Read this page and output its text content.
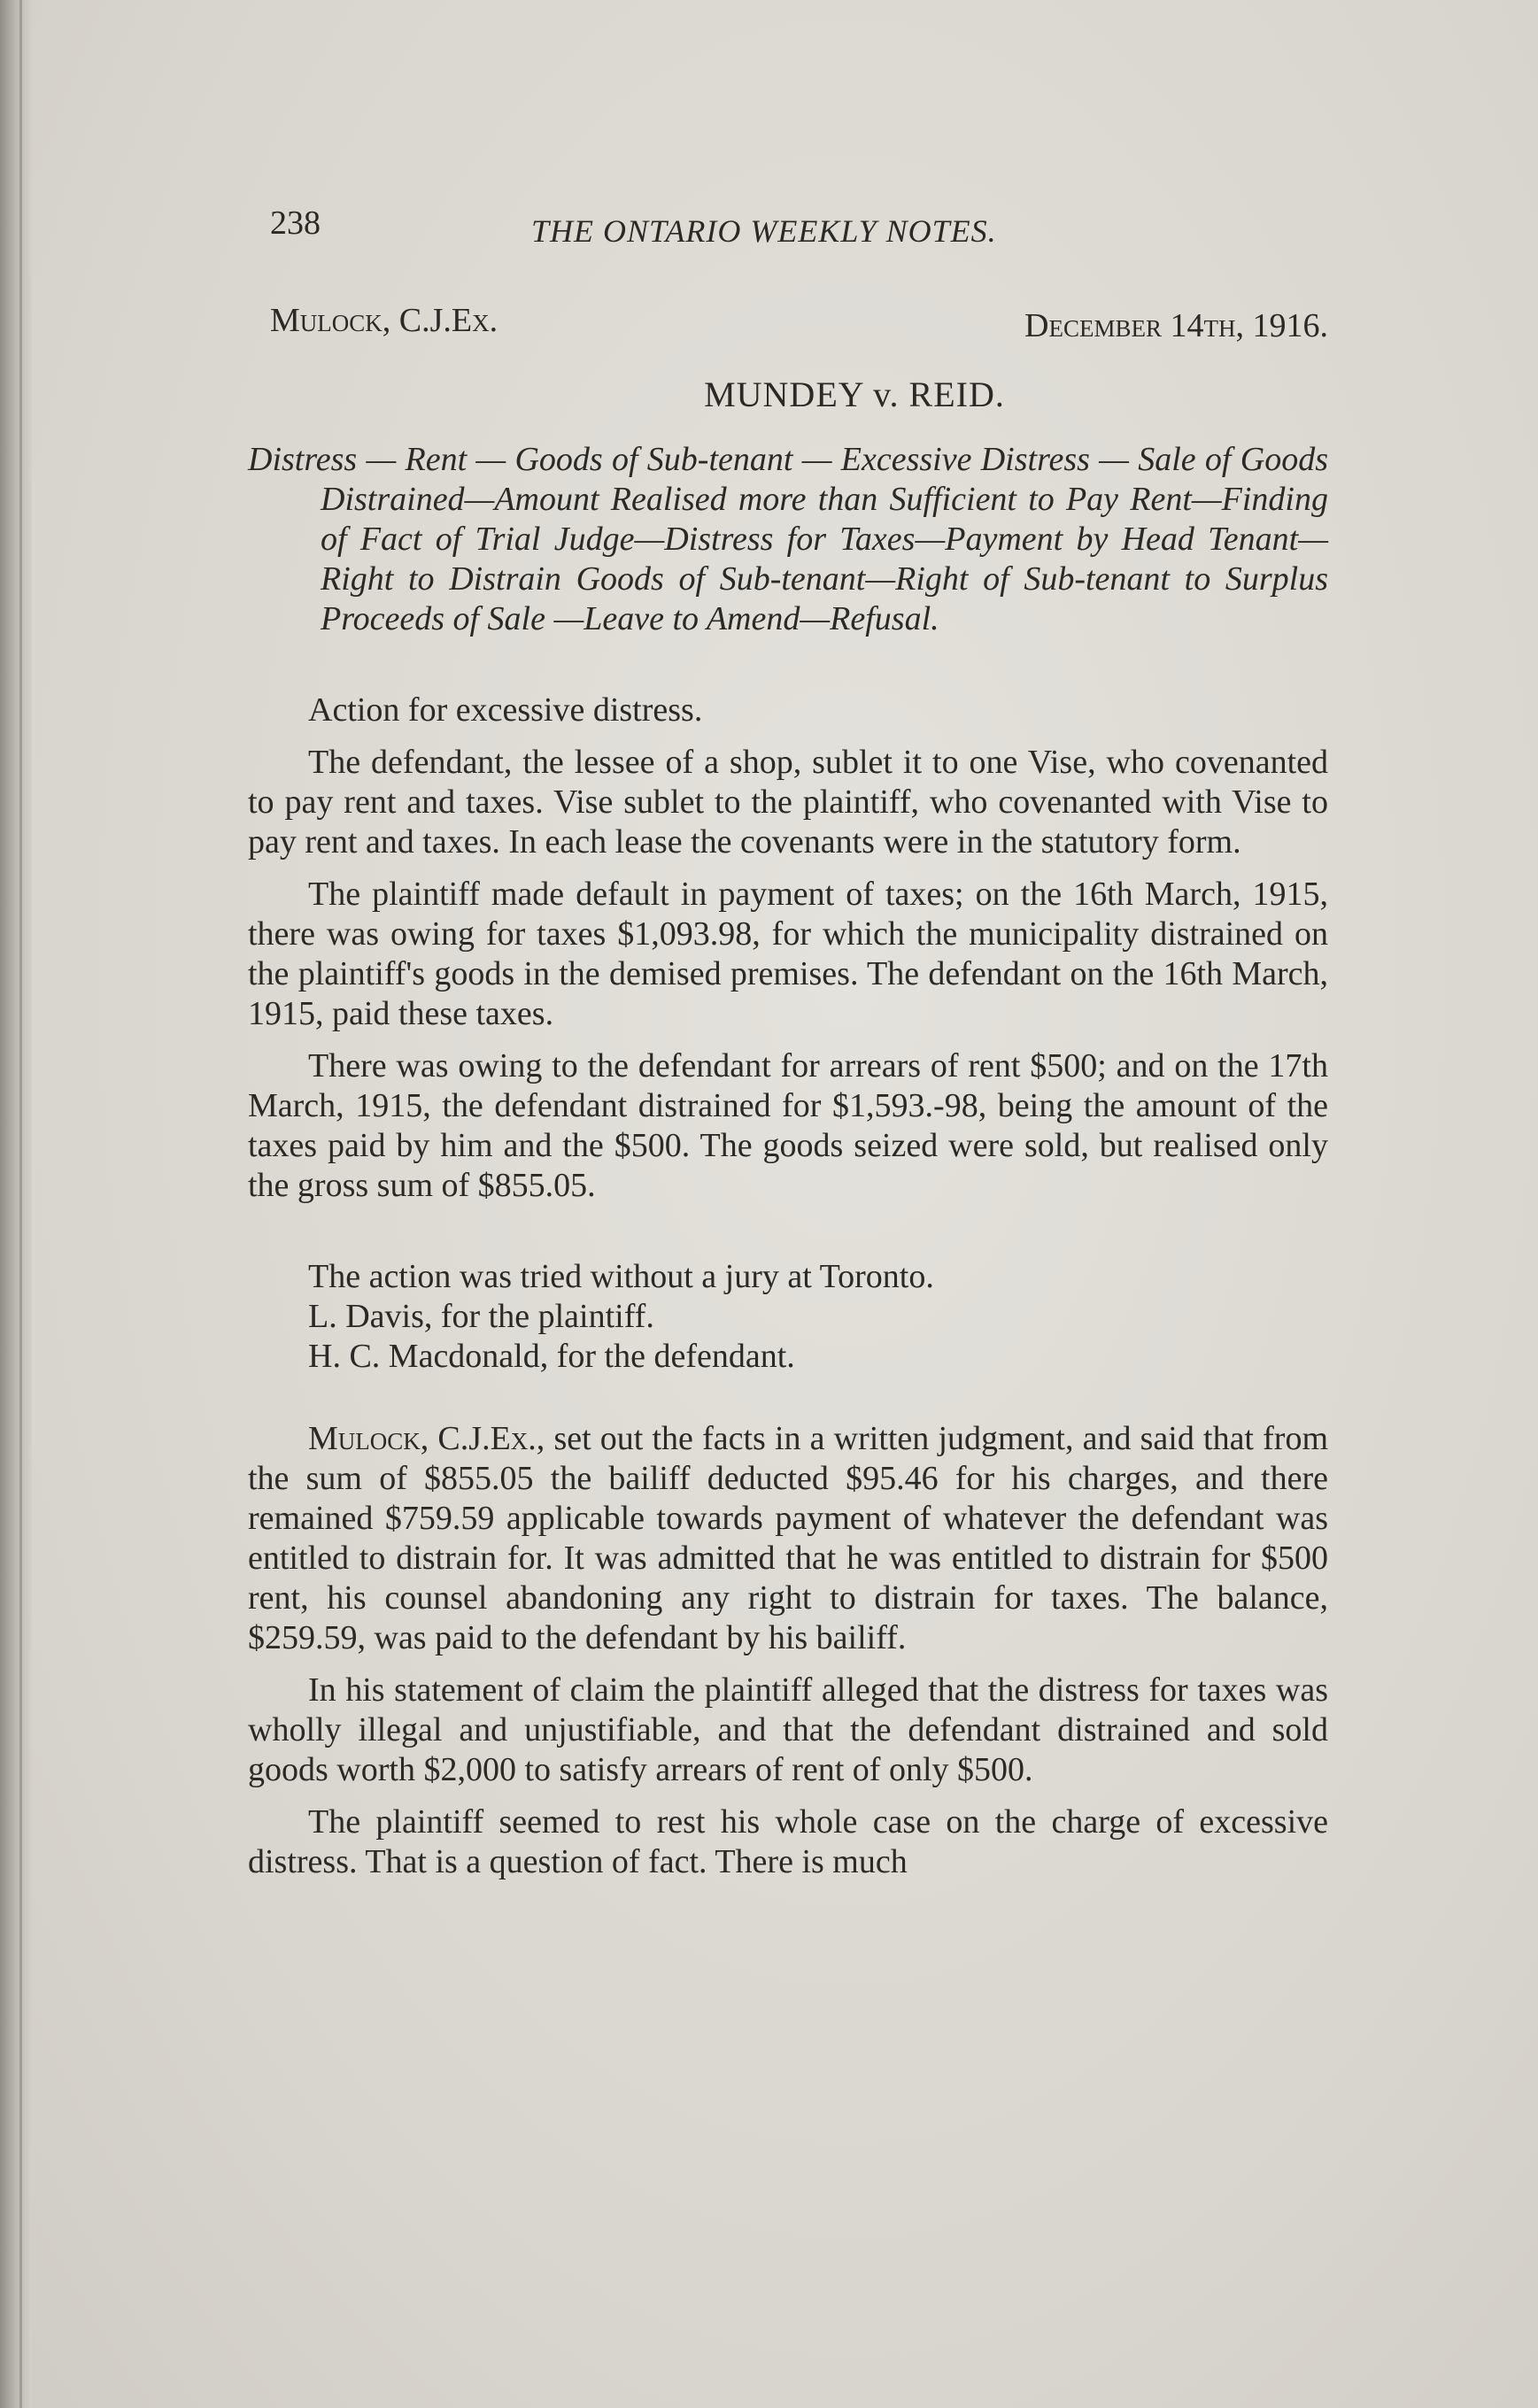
238	THE ONTARIO WEEKLY NOTES.
Mulock, C.J.Ex.	December 14th, 1916.
MUNDEY v. REID.

Distress — Rent — Goods of Sub-tenant — Excessive Distress — Sale of Goods Distrained—Amount Realised more than Sufficient to Pay Rent—Finding of Fact of Trial Judge—Distress for Taxes—Payment by Head Tenant—Right to Distrain Goods of Sub-tenant—Right of Sub-tenant to Surplus Proceeds of Sale —Leave to Amend—Refusal.

Action for excessive distress.

The defendant, the lessee of a shop, sublet it to one Vise, who covenanted to pay rent and taxes. Vise sublet to the plaintiff, who covenanted with Vise to pay rent and taxes. In each lease the covenants were in the statutory form.

The plaintiff made default in payment of taxes; on the 16th March, 1915, there was owing for taxes $1,093.98, for which the municipality distrained on the plaintiff's goods in the demised premises. The defendant on the 16th March, 1915, paid these taxes.

There was owing to the defendant for arrears of rent $500; and on the 17th March, 1915, the defendant distrained for $1,593.-98, being the amount of the taxes paid by him and the $500. The goods seized were sold, but realised only the gross sum of $855.05.

The action was tried without a jury at Toronto.
L. Davis, for the plaintiff.
H. C. Macdonald, for the defendant.

Mulock, C.J.Ex., set out the facts in a written judgment, and said that from the sum of $855.05 the bailiff deducted $95.46 for his charges, and there remained $759.59 applicable towards payment of whatever the defendant was entitled to distrain for. It was admitted that he was entitled to distrain for $500 rent, his counsel abandoning any right to distrain for taxes. The balance, $259.59, was paid to the defendant by his bailiff.

In his statement of claim the plaintiff alleged that the distress for taxes was wholly illegal and unjustifiable, and that the defendant distrained and sold goods worth $2,000 to satisfy arrears of rent of only $500.

The plaintiff seemed to rest his whole case on the charge of excessive distress. That is a question of fact. There is much
